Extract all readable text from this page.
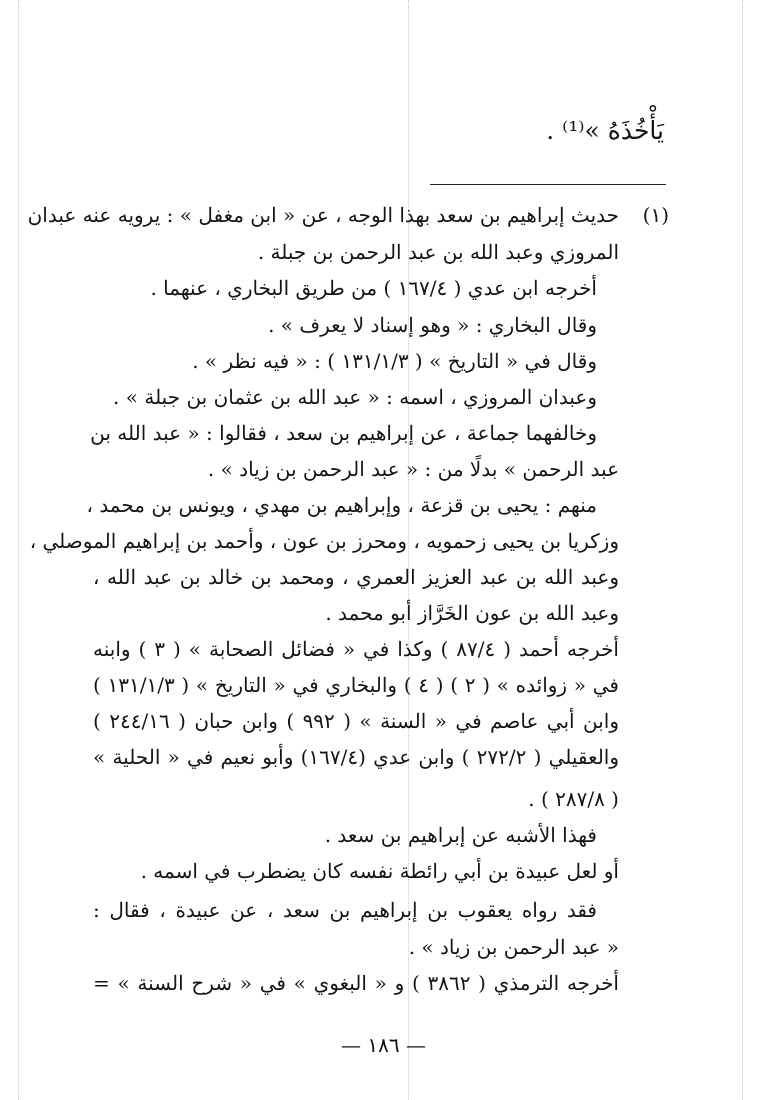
يَأْخُذَهُ »⁽¹⁾ .
(١)
حديث إبراهيم بن سعد بهذا الوجه ، عن « ابن مغفل » : يرويه عنه عبدان
المروزي وعبد الله بن عبد الرحمن بن جبلة .
أخرجه ابن عدي ( ١٦٧/٤ ) من طريق البخاري ، عنهما .
وقال البخاري : « وهو إسناد لا يعرف » .
وقال في « التاريخ » ( ١٣١/١/٣ ) : « فيه نظر » .
وعبدان المروزي ، اسمه : « عبد الله بن عثمان بن جبلة » .
وخالفهما جماعة ، عن إبراهيم بن سعد ، فقالوا : « عبد الله بن
عبد الرحمن » بدلًا من : « عبد الرحمن بن زياد » .
منهم : يحيى بن قزعة ، وإبراهيم بن مهدي ، ويونس بن محمد ،
وزكريا بن يحيى زحمويه ، ومحرز بن عون ، وأحمد بن إبراهيم الموصلي ،
وعبد الله بن عبد العزيز العمري ، ومحمد بن خالد بن عبد الله ،
وعبد الله بن عون الخَرَّاز أبو محمد .
أخرجه أحمد ( ٨٧/٤ ) وكذا في « فضائل الصحابة » ( ٣ ) وابنه
في « زوائده » ( ٢ ) ( ٤ ) والبخاري في « التاريخ » ( ١٣١/١/٣ )
وابن أبي عاصم في « السنة » ( ٩٩٢ ) وابن حبان ( ٢٤٤/١٦ )
والعقيلي ( ٢٧٢/٢ ) وابن عدي (١٦٧/٤) وأبو نعيم في « الحلية »
( ٢٨٧/٨ ) .
فهذا الأشبه عن إبراهيم بن سعد .
أو لعل عبيدة بن أبي رائطة نفسه كان يضطرب في اسمه .
فقد رواه يعقوب بن إبراهيم بن سعد ، عن عبيدة ، فقال :
« عبد الرحمن بن زياد » .
أخرجه الترمذي ( ٣٨٦٢ ) و « البغوي » في « شرح السنة » =
— ١٨٦ —
